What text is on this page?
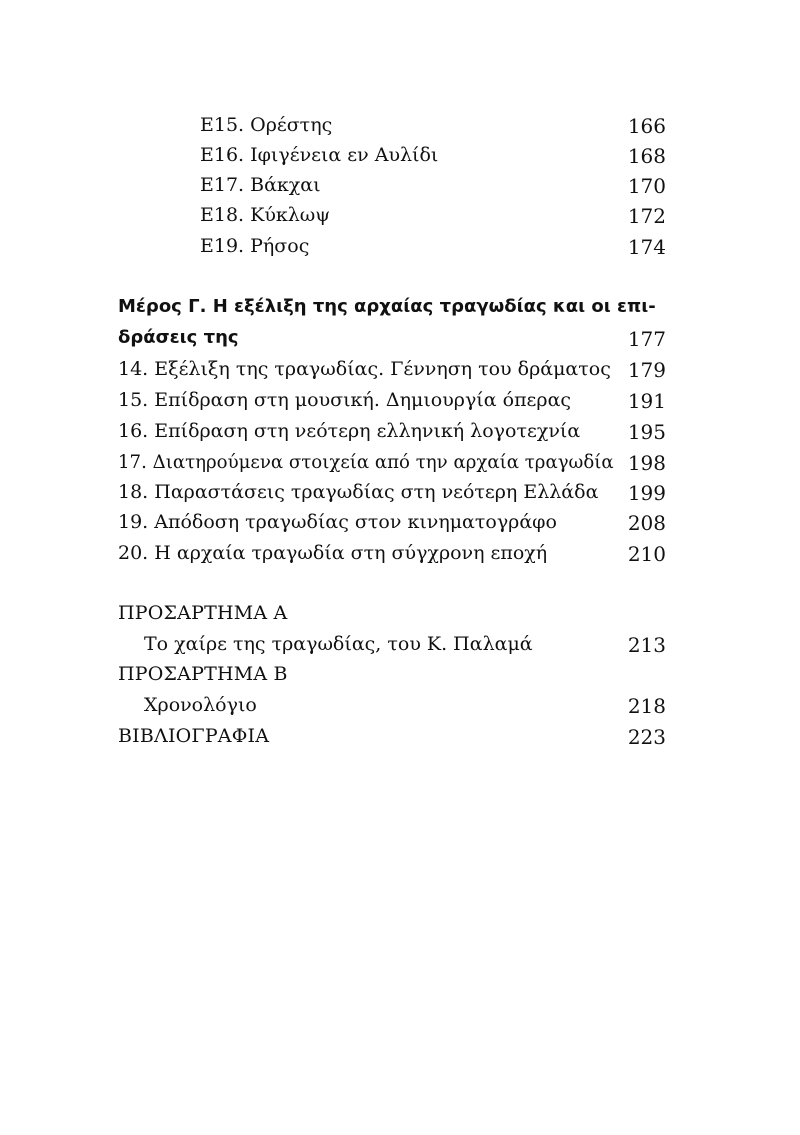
Ε15. Ορέστης	166
Ε16. Ιφιγένεια εν Αυλίδι	168
Ε17. Βάκχαι	170
Ε18. Κύκλωψ	172
Ε19. Ρήσος	174
Μέρος Γ. Η εξέλιξη της αρχαίας τραγωδίας και οι επι-
δράσεις της	177
14. Εξέλιξη της τραγωδίας. Γέννηση του δράματος 179
15. Επίδραση στη μουσική. Δημιουργία όπερας	191
16. Επίδραση στη νεότερη ελληνική λογοτεχνία 195
17. Διατηρούμενα στοιχεία από την αρχαία τραγωδία 198
18. Παραστάσεις τραγωδίας στη νεότερη Ελλάδα 199
19. Απόδοση τραγωδίας στον κινηματογράφο	208
20. Η αρχαία τραγωδία στη σύγχρονη εποχή	210
ΠΡΟΣΑΡΤΗΜΑ Α
Το χαίρε της τραγωδίας, του Κ. Παλαμά	213
ΠΡΟΣΑΡΤΗΜΑ Β
Χρονολόγιο	218
ΒΙΒΛΙΟΓΡΑΦΙΑ	223
